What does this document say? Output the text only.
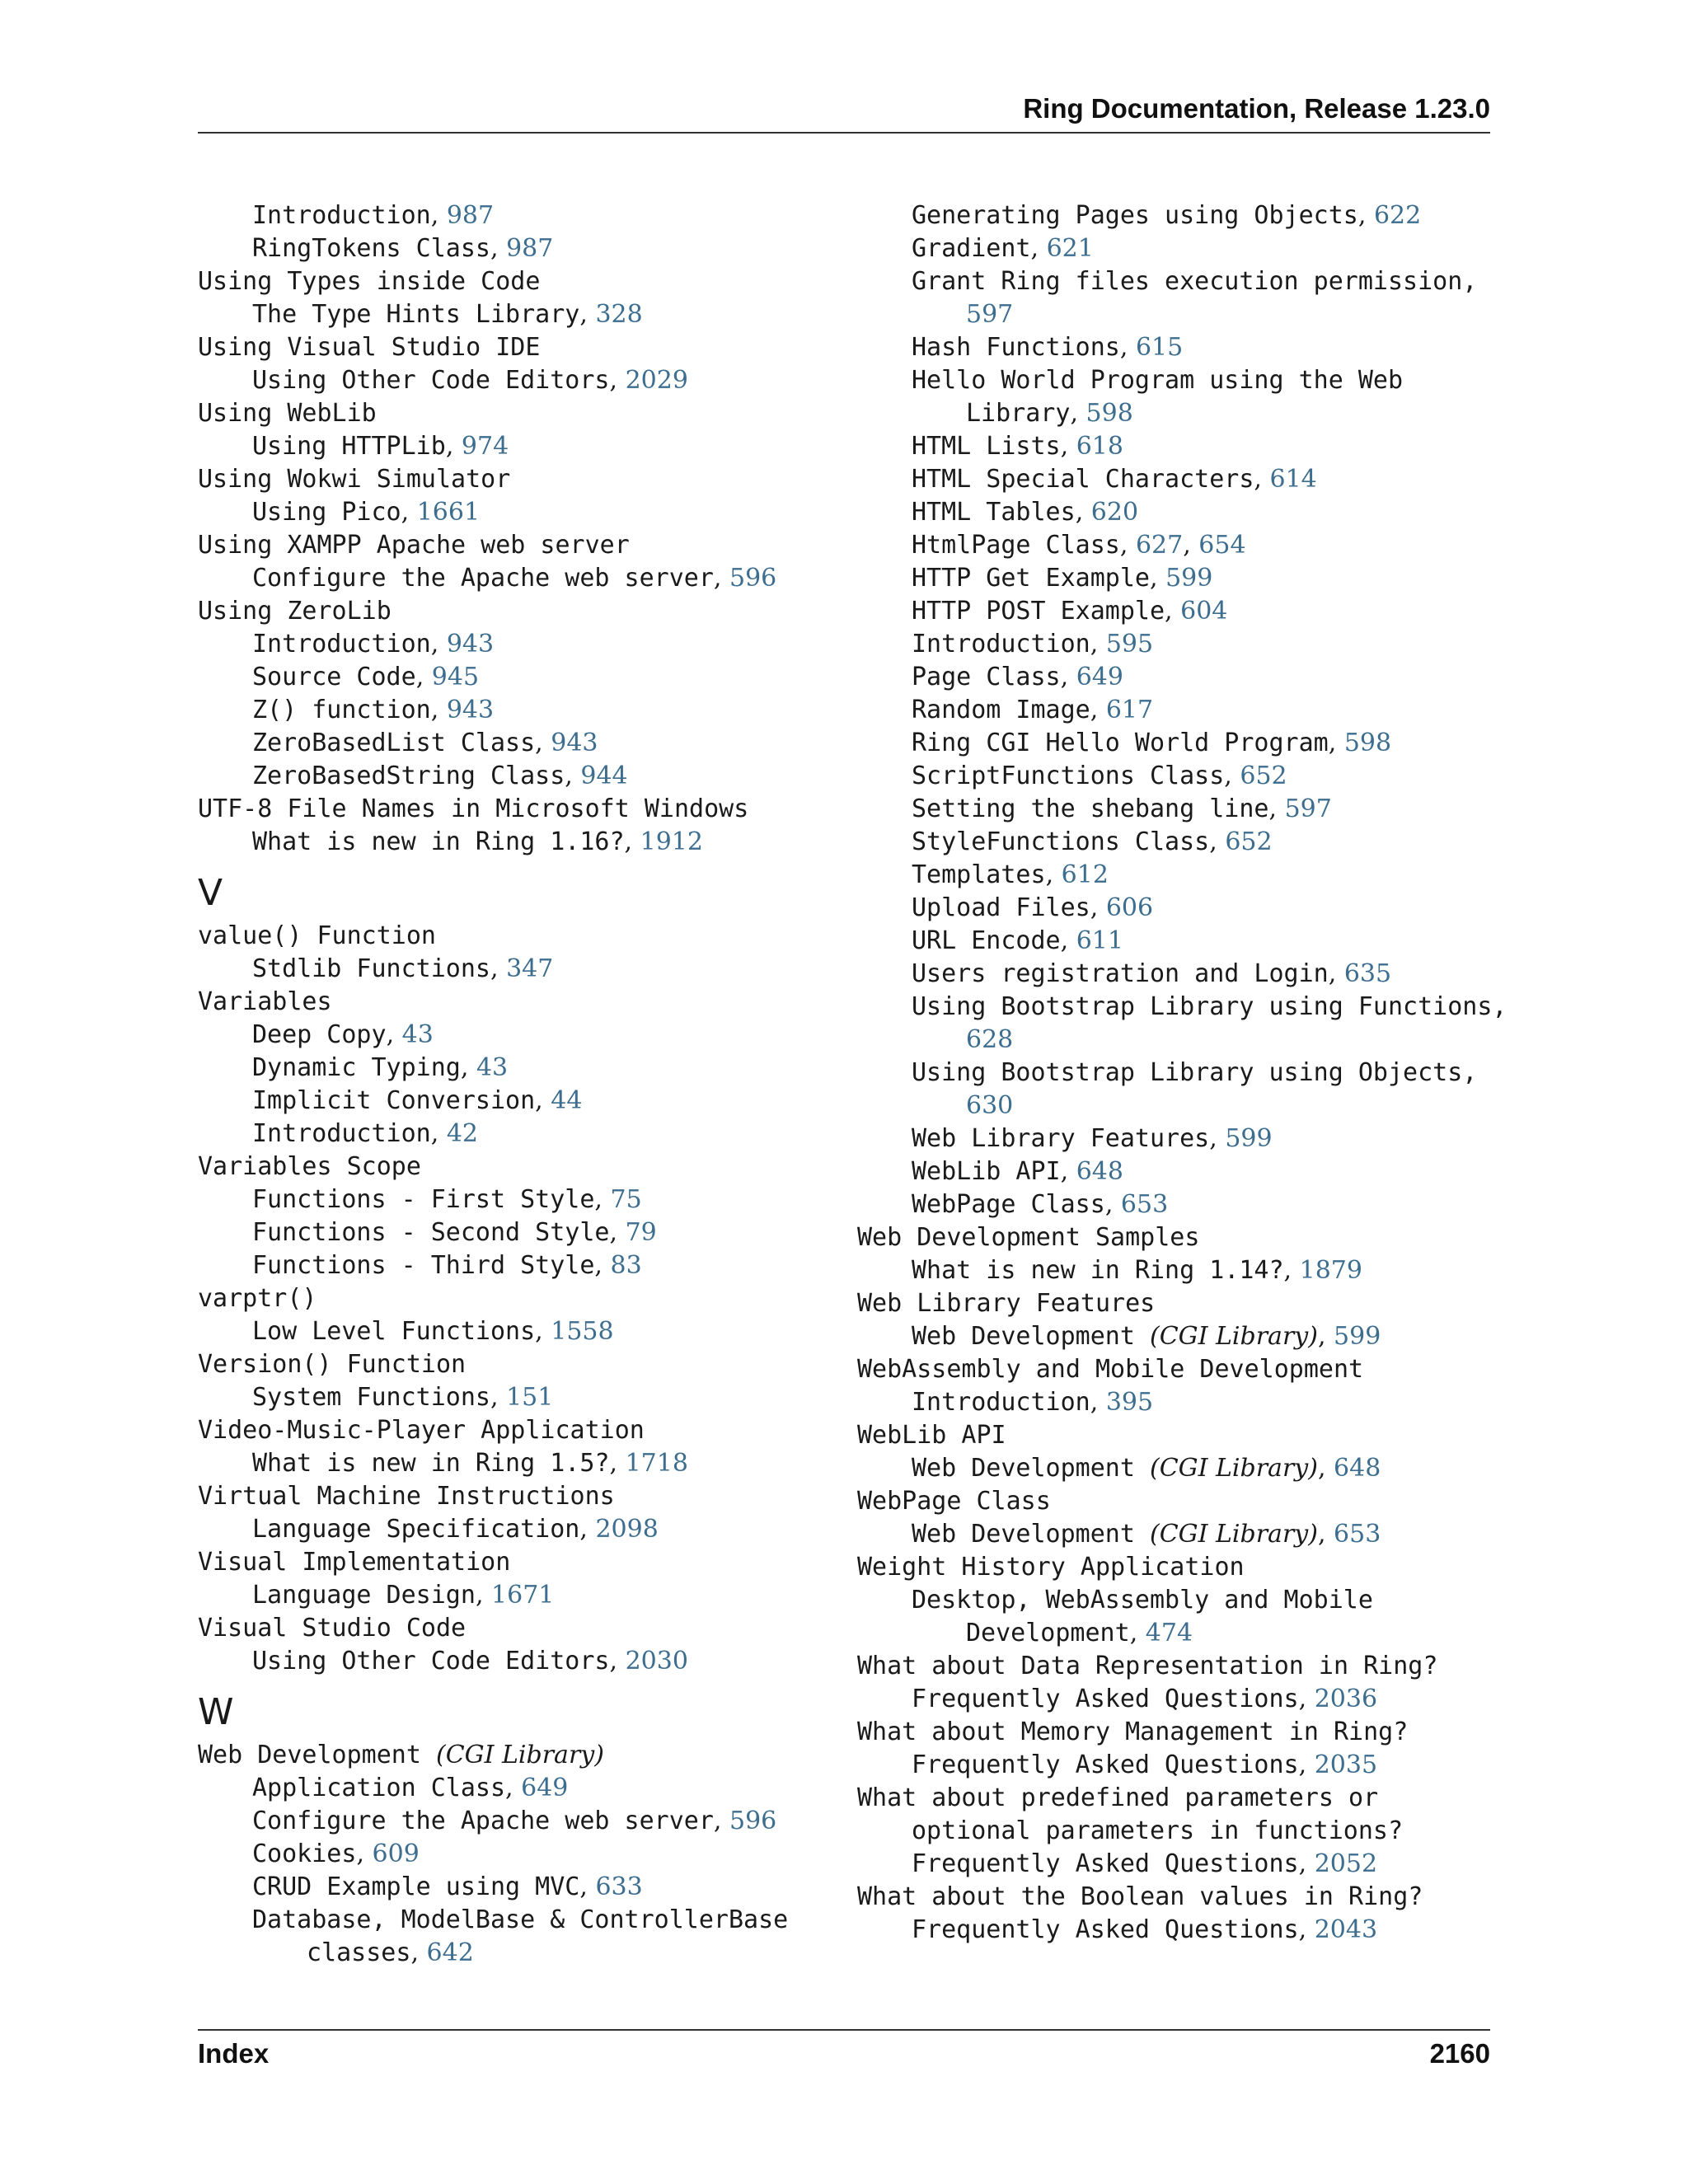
Ring Documentation, Release 1.23.0
Introduction, 987
RingTokens Class, 987
Using Types inside Code
The Type Hints Library, 328
Using Visual Studio IDE
Using Other Code Editors, 2029
Using WebLib
Using HTTPLib, 974
Using Wokwi Simulator
Using Pico, 1661
Using XAMPP Apache web server
Configure the Apache web server, 596
Using ZeroLib
Introduction, 943
Source Code, 945
Z() function, 943
ZeroBasedList Class, 943
ZeroBasedString Class, 944
UTF-8 File Names in Microsoft Windows
What is new in Ring 1.16?, 1912
V
value() Function
Stdlib Functions, 347
Variables
Deep Copy, 43
Dynamic Typing, 43
Implicit Conversion, 44
Introduction, 42
Variables Scope
Functions - First Style, 75
Functions - Second Style, 79
Functions - Third Style, 83
varptr()
Low Level Functions, 1558
Version() Function
System Functions, 151
Video-Music-Player Application
What is new in Ring 1.5?, 1718
Virtual Machine Instructions
Language Specification, 2098
Visual Implementation
Language Design, 1671
Visual Studio Code
Using Other Code Editors, 2030
W
Web Development (CGI Library)
Application Class, 649
Configure the Apache web server, 596
Cookies, 609
CRUD Example using MVC, 633
Database, ModelBase & ControllerBase
classes, 642
Generating Pages using Objects, 622
Gradient, 621
Grant Ring files execution permission,
597
Hash Functions, 615
Hello World Program using the Web
Library, 598
HTML Lists, 618
HTML Special Characters, 614
HTML Tables, 620
HtmlPage Class, 627, 654
HTTP Get Example, 599
HTTP POST Example, 604
Introduction, 595
Page Class, 649
Random Image, 617
Ring CGI Hello World Program, 598
ScriptFunctions Class, 652
Setting the shebang line, 597
StyleFunctions Class, 652
Templates, 612
Upload Files, 606
URL Encode, 611
Users registration and Login, 635
Using Bootstrap Library using Functions,
628
Using Bootstrap Library using Objects,
630
Web Library Features, 599
WebLib API, 648
WebPage Class, 653
Web Development Samples
What is new in Ring 1.14?, 1879
Web Library Features
Web Development (CGI Library), 599
WebAssembly and Mobile Development
Introduction, 395
WebLib API
Web Development (CGI Library), 648
WebPage Class
Web Development (CGI Library), 653
Weight History Application
Desktop, WebAssembly and Mobile
Development, 474
What about Data Representation in Ring?
Frequently Asked Questions, 2036
What about Memory Management in Ring?
Frequently Asked Questions, 2035
What about predefined parameters or
optional parameters in functions?
Frequently Asked Questions, 2052
What about the Boolean values in Ring?
Frequently Asked Questions, 2043
Index	2160
